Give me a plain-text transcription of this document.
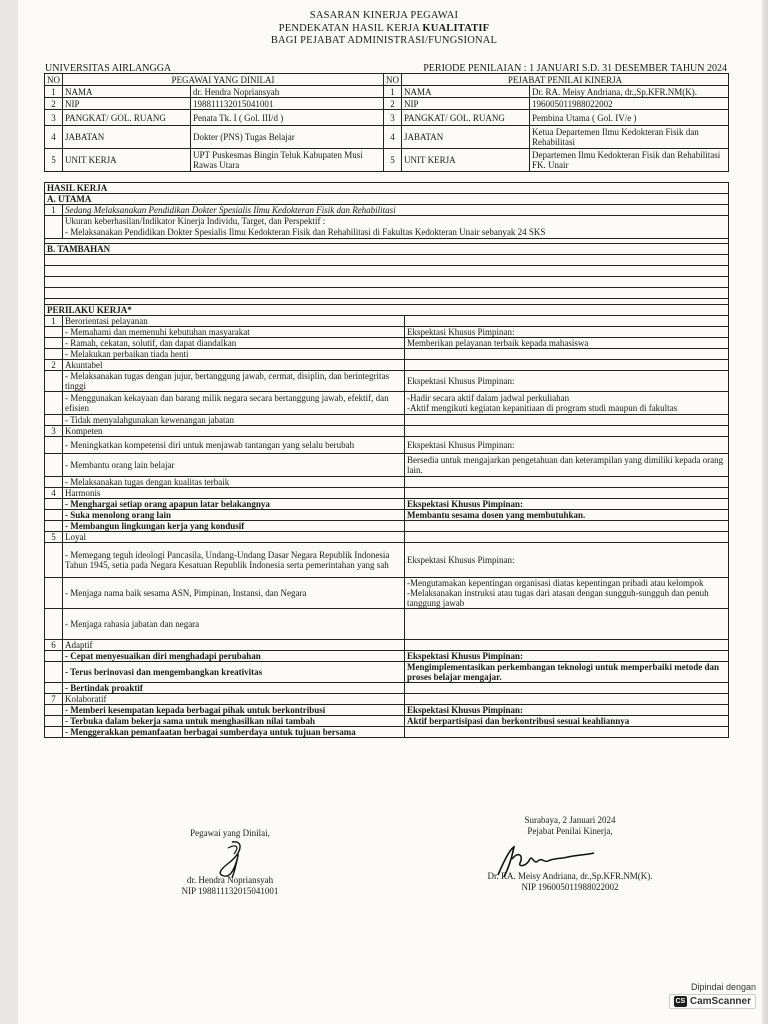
SASARAN KINERJA PEGAWAI
PENDEKATAN HASIL KERJA KUALITATIF
BAGI PEJABAT ADMINISTRASI/FUNGSIONAL
UNIVERSITAS AIRLANGGA	PERIODE PENILAIAN : 1 JANUARI S.D. 31 DESEMBER TAHUN 2024
NO	PEGAWAI YANG DINILAI		NO	PEJABAT PENILAI KINERJA	
1	NAMA	dr. Hendra Nopriansyah	1	NAMA	Dr. RA. Meisy Andriana, dr.,Sp.KFR.NM(K).
2	NIP	198811132015041001	2	NIP	196005011988022002
3	PANGKAT/ GOL. RUANG	Penata Tk. I ( Gol. III/d )	3	PANGKAT/ GOL. RUANG	Pembina Utama ( Gol. IV/e )
4	JABATAN	Dokter (PNS) Tugas Belajar	4	JABATAN	Ketua Departemen Ilmu Kedokteran Fisik dan Rehabilitasi
5	UNIT KERJA	UPT Puskesmas Bingin Teluk Kabupaten Musi Rawas Utara	5	UNIT KERJA	Departemen Ilmu Kedokteran Fisik dan Rehabilitasi FK. Unair
HASIL KERJA		
A. UTAMA		
1	Sedang Melaksanakan Pendidikan Dokter Spesialis Ilmu Kedokteran Fisik dan Rehabilitasi	

	Ukuran keberhasilan/Indikator Kinerja Individu, Target, dan Perspektif :
- Melaksanakan Pendidikan Dokter Spesialis Ilmu Kedokteran Fisik dan Rehabilitasi di Fakultas Kedokteran Unair sebanyak 24 SKS	

B. TAMBAHAN		

PERILAKU KERJA*		
1	Berorientasi pelayanan	
	- Memahami dan memenuhi kebutuhan masyarakat	Ekspektasi Khusus Pimpinan:
	- Ramah, cekatan, solutif, dan dapat diandalkan	Memberikan pelayanan terbaik kepada mahasiswa
	- Melakukan perbaikan tiada henti	
2	Akuntabel	
	- Melaksanakan tugas dengan jujur, bertanggung jawab, cermat, disiplin, dan berintegritas tinggi	Ekspektasi Khusus Pimpinan:
	- Menggunakan kekayaan dan barang milik negara secara bertanggung jawab, efektif, dan efisien	-Hadir secara aktif dalam jadwal perkuliahan
-Aktif mengikuti kegiatan kepanitiaan di program studi maupun di fakultas
	- Tidak menyalahgunakan kewenangan jabatan	
3	Kompeten	
	- Meningkatkan kompetensi diri untuk menjawab tantangan yang selalu berubah	Ekspektasi Khusus Pimpinan:
	- Membantu orang lain belajar	Bersedia untuk mengajarkan pengetahuan dan keterampilan yang dimiliki kepada orang lain.
	- Melaksanakan tugas dengan kualitas terbaik	
4	Harmonis	
	- Menghargai setiap orang apapun latar belakangnya	Ekspektasi Khusus Pimpinan:
	- Suka menolong orang lain	Membantu sesama dosen yang membutuhkan.
	- Membangun lingkungan kerja yang kondusif	
5	Loyal	
	- Memegang teguh ideologi Pancasila, Undang-Undang Dasar Negara Republik Indonesia Tahun 1945, setia pada Negara Kesatuan Republik Indonesia serta pemerintahan yang sah	Ekspektasi Khusus Pimpinan:
	- Menjaga nama baik sesama ASN, Pimpinan, Instansi, dan Negara	-Mengutamakan kepentingan organisasi diatas kepentingan pribadi atau kelompok
-Melaksanakan instruksi atau tugas dari atasan dengan sungguh-sungguh dan penuh tanggung jawab
	- Menjaga rahasia jabatan dan negara	
6	Adaptif	
	- Cepat menyesuaikan diri menghadapi perubahan	Ekspektasi Khusus Pimpinan:
	- Terus berinovasi dan mengembangkan kreativitas	Mengimplementasikan perkembangan teknologi untuk memperbaiki metode dan proses belajar mengajar.
	- Bertindak proaktif	
7	Kolaboratif	
	- Memberi kesempatan kepada berbagai pihak untuk berkontribusi	Ekspektasi Khusus Pimpinan:
	- Terbuka dalam bekerja sama untuk menghasilkan nilai tambah	Aktif berpartisipasi dan berkontribusi sesuai keahliannya
	- Menggerakkan pemanfaatan berbagai sumberdaya untuk tujuan bersama	
Pegawai yang Dinilai,
dr. Hendra Nopriansyah
NIP 198811132015041001
Surabaya, 2 Januari 2024
Pejabat Penilai Kinerja,
Dr. RA. Meisy Andriana, dr.,Sp.KFR.NM(K).
NIP 196005011988022002
Dipindai dengan
CS CamScanner
